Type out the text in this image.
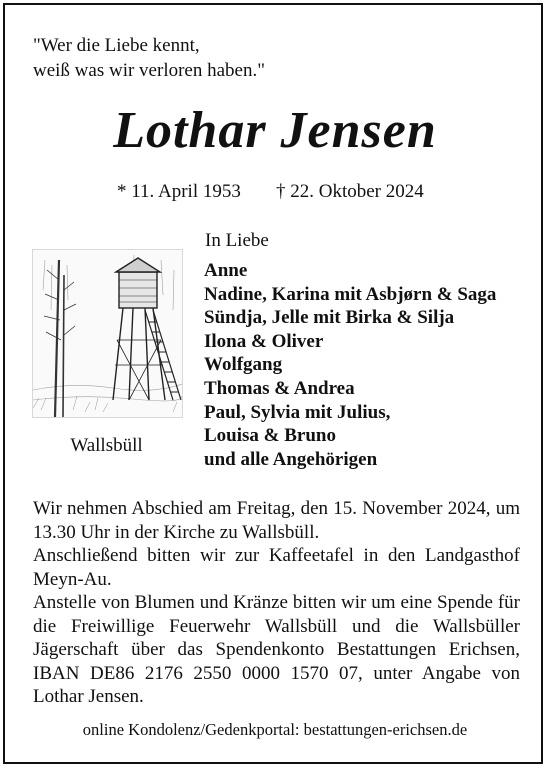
"Wer die Liebe kennt,
weiß was wir verloren haben."
Lothar Jensen
* 11. April 1953 † 22. Oktober 2024
Wallsbüll
In Liebe
Anne
Nadine, Karina mit Asbjørn & Saga
Sündja, Jelle mit Birka & Silja
Ilona & Oliver
Wolfgang
Thomas & Andrea
Paul, Sylvia mit Julius,
Louisa & Bruno
und alle Angehörigen

Wir nehmen Abschied am Freitag, den 15. November 2024, um 13.30 Uhr in der Kirche zu Wallsbüll.

Anschließend bitten wir zur Kaffeetafel in den Landgasthof Meyn-Au.

Anstelle von Blumen und Kränze bitten wir um eine Spende für die Freiwillige Feuerwehr Wallsbüll und die Wallsbüller Jägerschaft über das Spendenkonto Bestattungen Erichsen, IBAN DE86 2176 2550 0000 1570 07, unter Angabe von Lothar Jensen.

online Kondolenz/Gedenkportal: bestattungen-erichsen.de
